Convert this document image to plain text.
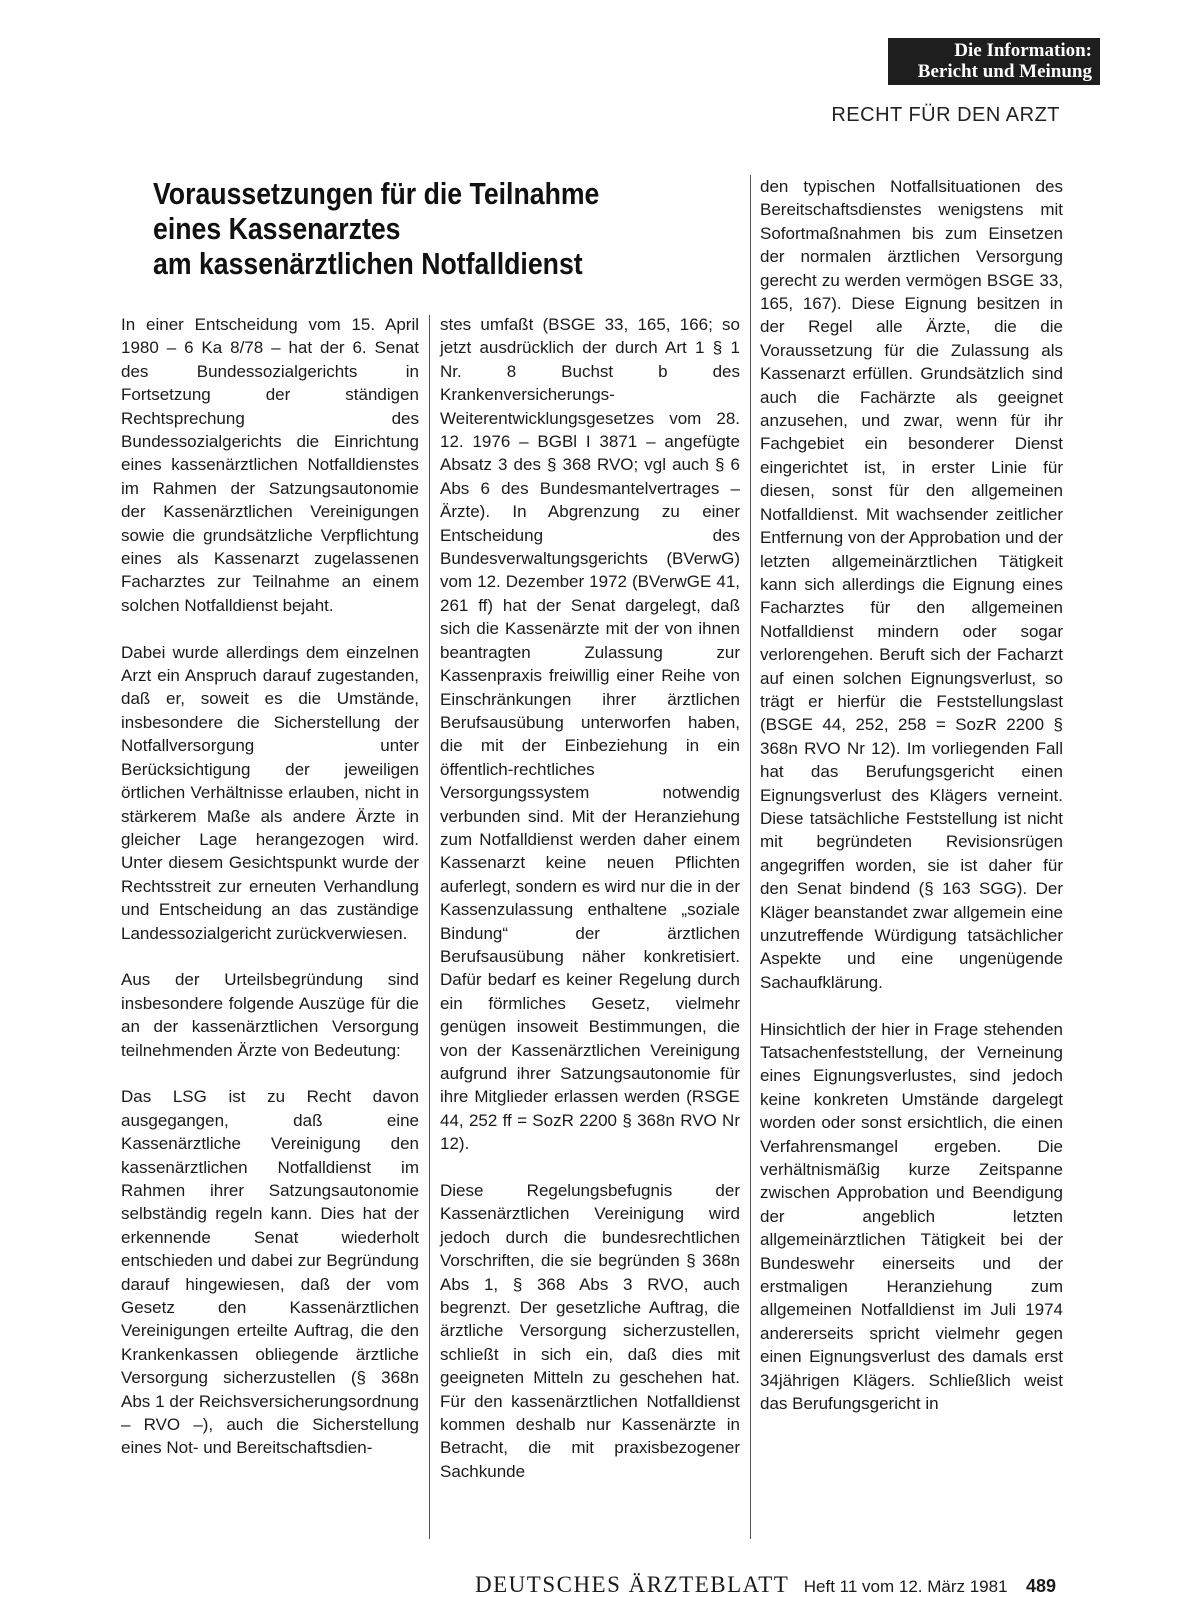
Die Information:
Bericht und Meinung
RECHT FÜR DEN ARZT
Voraussetzungen für die Teilnahme
eines Kassenarztes
am kassenärztlichen Notfalldienst

In einer Entscheidung vom 15. April 1980 – 6 Ka 8/78 – hat der 6. Senat des Bundessozialgerichts in Fortsetzung der ständigen Rechtsprechung des Bundessozialgerichts die Einrichtung eines kassenärztlichen Notfalldienstes im Rahmen der Satzungsautonomie der Kassenärztlichen Vereinigungen sowie die grundsätzliche Verpflichtung eines als Kassenarzt zugelassenen Facharztes zur Teilnahme an einem solchen Notfalldienst bejaht.

Dabei wurde allerdings dem einzelnen Arzt ein Anspruch darauf zugestanden, daß er, soweit es die Umstände, insbesondere die Sicherstellung der Notfallversorgung unter Berücksichtigung der jeweiligen örtlichen Verhältnisse erlauben, nicht in stärkerem Maße als andere Ärzte in gleicher Lage herangezogen wird. Unter diesem Gesichtspunkt wurde der Rechtsstreit zur erneuten Verhandlung und Entscheidung an das zuständige Landessozialgericht zurückverwiesen.

Aus der Urteilsbegründung sind insbesondere folgende Auszüge für die an der kassenärztlichen Versorgung teilnehmenden Ärzte von Bedeutung:

Das LSG ist zu Recht davon ausgegangen, daß eine Kassenärztliche Vereinigung den kassenärztlichen Notfalldienst im Rahmen ihrer Satzungsautonomie selbständig regeln kann. Dies hat der erkennende Senat wiederholt entschieden und dabei zur Begründung darauf hingewiesen, daß der vom Gesetz den Kassenärztlichen Vereinigungen erteilte Auftrag, die den Krankenkassen obliegende ärztliche Versorgung sicherzustellen (§ 368n Abs 1 der Reichsversicherungsordnung – RVO –), auch die Sicherstellung eines Not- und Bereitschaftsdien-

stes umfaßt (BSGE 33, 165, 166; so jetzt ausdrücklich der durch Art 1 § 1 Nr. 8 Buchst b des Krankenversicherungs-Weiterentwicklungsgesetzes vom 28. 12. 1976 – BGBl I 3871 – angefügte Absatz 3 des § 368 RVO; vgl auch § 6 Abs 6 des Bundesmantelvertrages – Ärzte). In Abgrenzung zu einer Entscheidung des Bundesverwaltungsgerichts (BVerwG) vom 12. Dezember 1972 (BVerwGE 41, 261 ff) hat der Senat dargelegt, daß sich die Kassenärzte mit der von ihnen beantragten Zulassung zur Kassenpraxis freiwillig einer Reihe von Einschränkungen ihrer ärztlichen Berufsausübung unterworfen haben, die mit der Einbeziehung in ein öffentlich-rechtliches Versorgungssystem notwendig verbunden sind. Mit der Heranziehung zum Notfalldienst werden daher einem Kassenarzt keine neuen Pflichten auferlegt, sondern es wird nur die in der Kassenzulassung enthaltene „soziale Bindung“ der ärztlichen Berufsausübung näher konkretisiert. Dafür bedarf es keiner Regelung durch ein förmliches Gesetz, vielmehr genügen insoweit Bestimmungen, die von der Kassenärztlichen Vereinigung aufgrund ihrer Satzungsautonomie für ihre Mitglieder erlassen werden (RSGE 44, 252 ff = SozR 2200 § 368n RVO Nr 12).

Diese Regelungsbefugnis der Kassenärztlichen Vereinigung wird jedoch durch die bundesrechtlichen Vorschriften, die sie begründen § 368n Abs 1, § 368 Abs 3 RVO, auch begrenzt. Der gesetzliche Auftrag, die ärztliche Versorgung sicherzustellen, schließt in sich ein, daß dies mit geeigneten Mitteln zu geschehen hat. Für den kassenärztlichen Notfalldienst kommen deshalb nur Kassenärzte in Betracht, die mit praxisbezogener Sachkunde

den typischen Notfallsituationen des Bereitschaftsdienstes wenigstens mit Sofortmaßnahmen bis zum Einsetzen der normalen ärztlichen Versorgung gerecht zu werden vermögen BSGE 33, 165, 167). Diese Eignung besitzen in der Regel alle Ärzte, die die Voraussetzung für die Zulassung als Kassenarzt erfüllen. Grundsätzlich sind auch die Fachärzte als geeignet anzusehen, und zwar, wenn für ihr Fachgebiet ein besonderer Dienst eingerichtet ist, in erster Linie für diesen, sonst für den allgemeinen Notfalldienst. Mit wachsender zeitlicher Entfernung von der Approbation und der letzten allgemeinärztlichen Tätigkeit kann sich allerdings die Eignung eines Facharztes für den allgemeinen Notfalldienst mindern oder sogar verlorengehen. Beruft sich der Facharzt auf einen solchen Eignungsverlust, so trägt er hierfür die Feststellungslast (BSGE 44, 252, 258 = SozR 2200 § 368n RVO Nr 12). Im vorliegenden Fall hat das Berufungsgericht einen Eignungsverlust des Klägers verneint. Diese tatsächliche Feststellung ist nicht mit begründeten Revisionsrügen angegriffen worden, sie ist daher für den Senat bindend (§ 163 SGG). Der Kläger beanstandet zwar allgemein eine unzutreffende Würdigung tatsächlicher Aspekte und eine ungenügende Sachaufklärung.

Hinsichtlich der hier in Frage stehenden Tatsachenfeststellung, der Verneinung eines Eignungsverlustes, sind jedoch keine konkreten Umstände dargelegt worden oder sonst ersichtlich, die einen Verfahrensmangel ergeben. Die verhältnismäßig kurze Zeitspanne zwischen Approbation und Beendigung der angeblich letzten allgemeinärztlichen Tätigkeit bei der Bundeswehr einerseits und der erstmaligen Heranziehung zum allgemeinen Notfalldienst im Juli 1974 andererseits spricht vielmehr gegen einen Eignungsverlust des damals erst 34jährigen Klägers. Schließlich weist das Berufungsgericht in

DEUTSCHES ÄRZTEBLATT Heft 11 vom 12. März 1981 489
